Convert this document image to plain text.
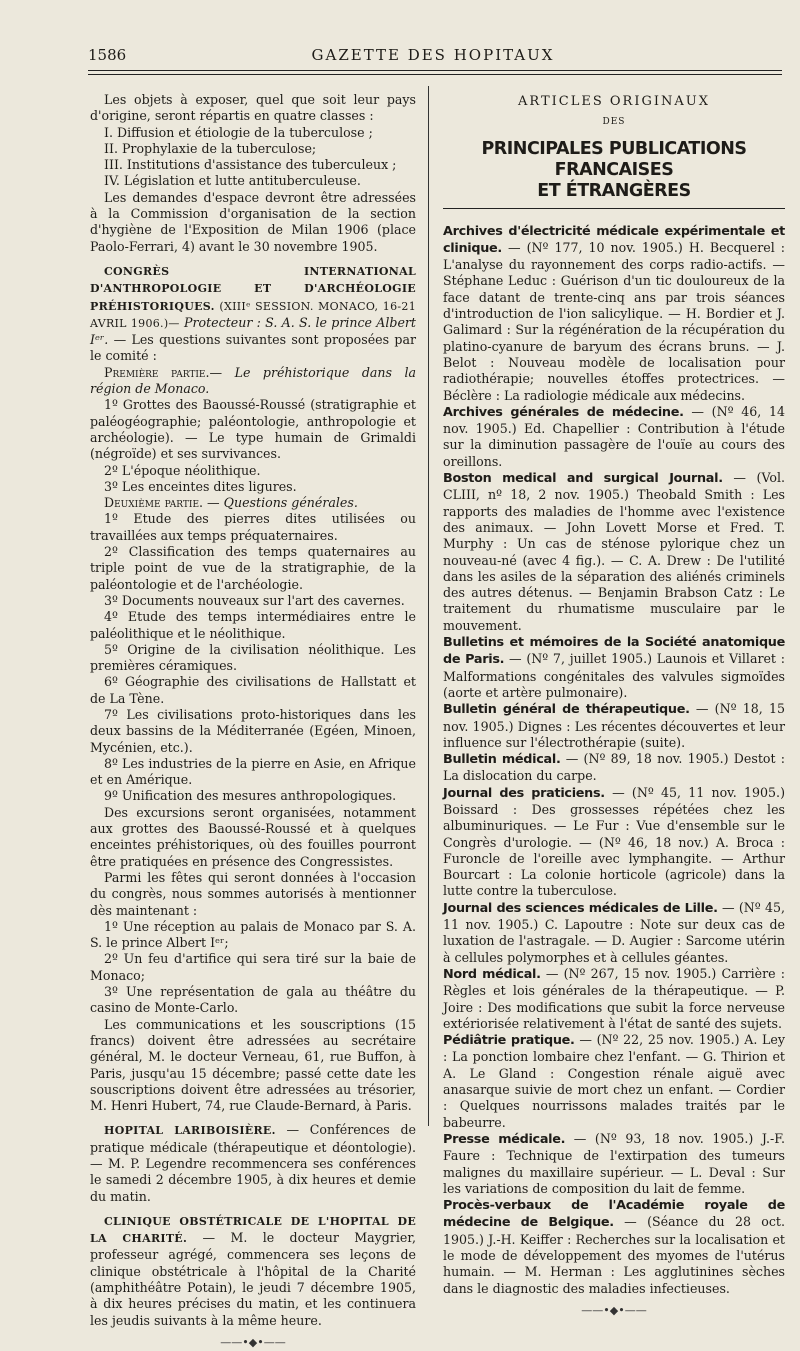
1586	GAZETTE DES HOPITAUX

Les objets à exposer, quel que soit leur pays d'origine, seront répartis en quatre classes :

I. Diffusion et étiologie de la tuberculose ;

II. Prophylaxie de la tuberculose;

III. Institutions d'assistance des tuberculeux ;

IV. Législation et lutte antituberculeuse.

Les demandes d'espace devront être adressées à la Commission d'organisation de la section d'hygiène de l'Exposition de Milan 1906 (place Paolo-Ferrari, 4) avant le 30 novembre 1905.

CONGRÈS INTERNATIONAL D'ANTHROPOLOGIE ET D'ARCHÉOLOGIE PRÉHISTORIQUES. (XIIIᵉ SESSION. MONACO, 16-21 AVRIL 1906.)— Protecteur : S. A. S. le prince Albert Iᵉʳ. — Les questions suivantes sont proposées par le comité :

Première partie.— Le préhistorique dans la région de Monaco.

1º Grottes des Baoussé-Roussé (stratigraphie et paléogéographie; paléontologie, anthropologie et archéologie). — Le type humain de Grimaldi (négroïde) et ses survivances.

2º L'époque néolithique.

3º Les enceintes dites ligures.

Deuxième partie. — Questions générales.

1º Etude des pierres dites utilisées ou travaillées aux temps préquaternaires.

2º Classification des temps quaternaires au triple point de vue de la stratigraphie, de la paléontologie et de l'archéologie.

3º Documents nouveaux sur l'art des cavernes.

4º Etude des temps intermédiaires entre le paléolithique et le néolithique.

5º Origine de la civilisation néolithique. Les premières céramiques.

6º Géographie des civilisations de Hallstatt et de La Tène.

7º Les civilisations proto-historiques dans les deux bassins de la Méditerranée (Egéen, Minoen, Mycénien, etc.).

8º Les industries de la pierre en Asie, en Afrique et en Amérique.

9º Unification des mesures anthropologiques.

Des excursions seront organisées, notamment aux grottes des Baoussé-Roussé et à quelques enceintes préhistoriques, où des fouilles pourront être pratiquées en présence des Congressistes.

Parmi les fêtes qui seront données à l'occasion du congrès, nous sommes autorisés à mentionner dès maintenant :

1º Une réception au palais de Monaco par S. A. S. le prince Albert Iᵉʳ;

2º Un feu d'artifice qui sera tiré sur la baie de Monaco;

3º Une représentation de gala au théâtre du casino de Monte-Carlo.

Les communications et les souscriptions (15 francs) doivent être adressées au secrétaire général, M. le docteur Verneau, 61, rue Buffon, à Paris, jusqu'au 15 décembre; passé cette date les souscriptions doivent être adressées au trésorier, M. Henri Hubert, 74, rue Claude-Bernard, à Paris.

HOPITAL LARIBOISIÈRE. — Conférences de pratique médicale (thérapeutique et déontologie). — M. P. Legendre recommencera ses conférences le samedi 2 décembre 1905, à dix heures et demie du matin.

CLINIQUE OBSTÉTRICALE DE L'HOPITAL DE LA CHARITÉ. — M. le docteur Maygrier, professeur agrégé, commencera ses leçons de clinique obstétricale à l'hôpital de la Charité (amphithéâtre Potain), le jeudi 7 décembre 1905, à dix heures précises du matin, et les continuera les jeudis suivants à la même heure.

——•◆•——
ARTICLES ORIGINAUX
DES
PRINCIPALES PUBLICATIONS FRANCAISES
ET ÉTRANGÈRES

Archives d'électricité médicale expérimentale et clinique. — (Nº 177, 10 nov. 1905.) H. Becquerel : L'analyse du rayonnement des corps radio-actifs. — Stéphane Leduc : Guérison d'un tic douloureux de la face datant de trente-cinq ans par trois séances d'introduction de l'ion salicylique. — H. Bordier et J. Galimard : Sur la régénération de la récupération du platino-cyanure de baryum des écrans bruns. — J. Belot : Nouveau modèle de localisation pour radiothérapie; nouvelles étoffes protectrices. — Béclère : La radiologie médicale aux médecins.

Archives générales de médecine. — (Nº 46, 14 nov. 1905.) Ed. Chapellier : Contribution à l'étude sur la diminution passagère de l'ouïe au cours des oreillons.

Boston medical and surgical Journal. — (Vol. CLIII, nº 18, 2 nov. 1905.) Theobald Smith : Les rapports des maladies de l'homme avec l'existence des animaux. — John Lovett Morse et Fred. T. Murphy : Un cas de sténose pylorique chez un nouveau-né (avec 4 fig.). — C. A. Drew : De l'utilité dans les asiles de la séparation des aliénés criminels des autres détenus. — Benjamin Brabson Catz : Le traitement du rhumatisme musculaire par le mouvement.

Bulletins et mémoires de la Société anatomique de Paris. — (Nº 7, juillet 1905.) Launois et Villaret : Malformations congénitales des valvules sigmoïdes (aorte et artère pulmonaire).

Bulletin général de thérapeutique. — (Nº 18, 15 nov. 1905.) Dignes : Les récentes découvertes et leur influence sur l'électrothérapie (suite).

Bulletin médical. — (Nº 89, 18 nov. 1905.) Destot : La dislocation du carpe.

Journal des praticiens. — (Nº 45, 11 nov. 1905.) Boissard : Des grossesses répétées chez les albuminuriques. — Le Fur : Vue d'ensemble sur le Congrès d'urologie. — (Nº 46, 18 nov.) A. Broca : Furoncle de l'oreille avec lymphangite. — Arthur Bourcart : La colonie horticole (agricole) dans la lutte contre la tuberculose.

Journal des sciences médicales de Lille. — (Nº 45, 11 nov. 1905.) C. Lapoutre : Note sur deux cas de luxation de l'astragale. — D. Augier : Sarcome utérin à cellules polymorphes et à cellules géantes.

Nord médical. — (Nº 267, 15 nov. 1905.) Carrière : Règles et lois générales de la thérapeutique. — P. Joire : Des modifications que subit la force nerveuse extériorisée relativement à l'état de santé des sujets.

Pédiâtrie pratique. — (Nº 22, 25 nov. 1905.) A. Ley : La ponction lombaire chez l'enfant. — G. Thirion et A. Le Gland : Congestion rénale aiguë avec anasarque suivie de mort chez un enfant. — Cordier : Quelques nourrissons malades traités par le babeurre.

Presse médicale. — (Nº 93, 18 nov. 1905.) J.-F. Faure : Technique de l'extirpation des tumeurs malignes du maxillaire supérieur. — L. Deval : Sur les variations de composition du lait de femme.

Procès-verbaux de l'Académie royale de médecine de Belgique. — (Séance du 28 oct. 1905.) J.-H. Keiffer : Recherches sur la localisation et le mode de développement des myomes de l'utérus humain. — M. Herman : Les agglutinines sèches dans le diagnostic des maladies infectieuses.

——•◆•——
